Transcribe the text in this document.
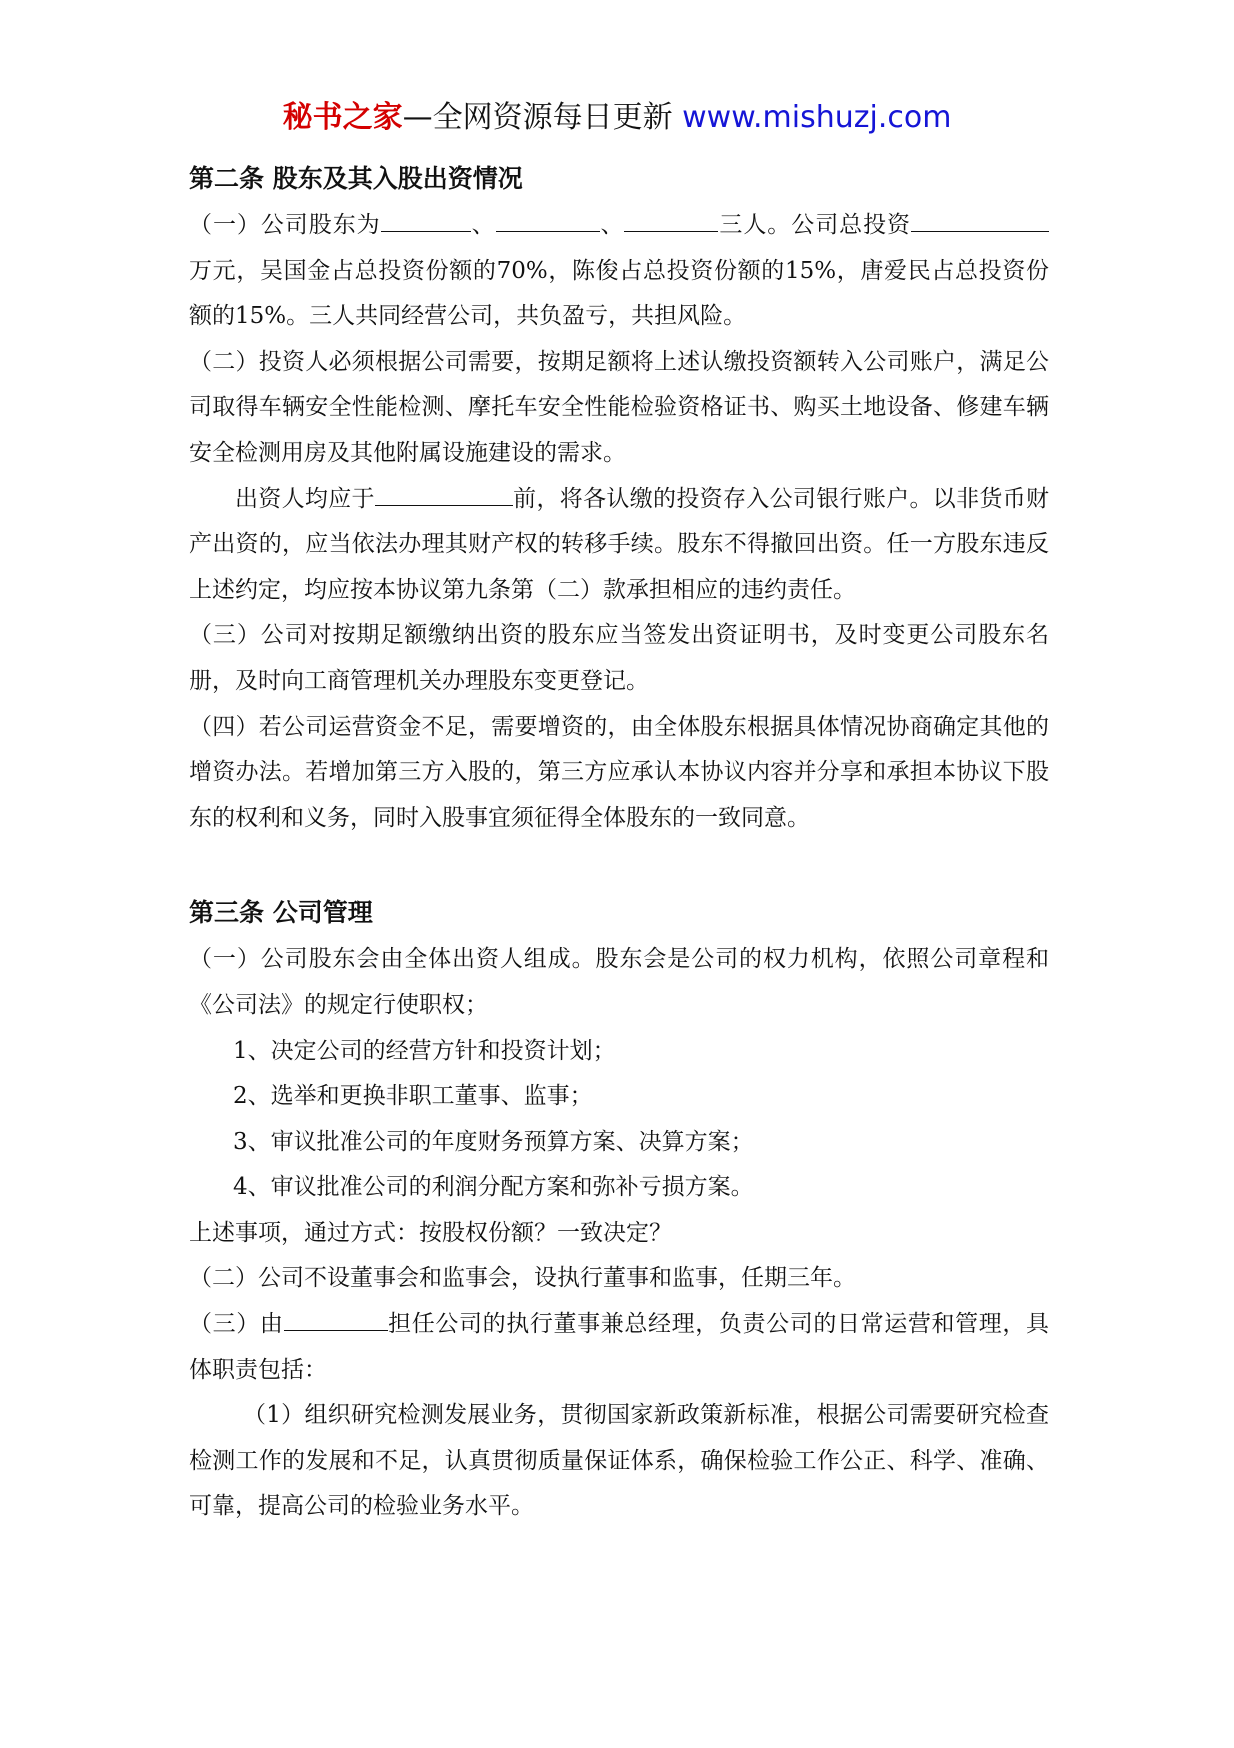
秘书之家—全网资源每日更新 www.mishuzj.com

第二条 股东及其入股出资情况

（一）公司股东为	、	、	三人。公司总投资万元，吴国金占总投资份额的70%，陈俊占总投资份额的15%，唐爱民占总投资份额的15%。三人共同经营公司，共负盈亏，共担风险。

（二）投资人必须根据公司需要，按期足额将上述认缴投资额转入公司账户，满足公司取得车辆安全性能检测、摩托车安全性能检验资格证书、购买土地设备、修建车辆安全检测用房及其他附属设施建设的需求。

出资人均应于	前，将各认缴的投资存入公司银行账户。以非货币财产出资的，应当依法办理其财产权的转移手续。股东不得撤回出资。任一方股东违反上述约定，均应按本协议第九条第（二）款承担相应的违约责任。

（三）公司对按期足额缴纳出资的股东应当签发出资证明书，及时变更公司股东名册，及时向工商管理机关办理股东变更登记。

（四）若公司运营资金不足，需要增资的，由全体股东根据具体情况协商确定其他的增资办法。若增加第三方入股的，第三方应承认本协议内容并分享和承担本协议下股东的权利和义务，同时入股事宜须征得全体股东的一致同意。

第三条 公司管理

（一）公司股东会由全体出资人组成。股东会是公司的权力机构，依照公司章程和《公司法》的规定行使职权；

1、决定公司的经营方针和投资计划；

2、选举和更换非职工董事、监事；

3、审议批准公司的年度财务预算方案、决算方案；

4、审议批准公司的利润分配方案和弥补亏损方案。

上述事项，通过方式：按股权份额？一致决定？

（二）公司不设董事会和监事会，设执行董事和监事，任期三年。

（三）由	担任公司的执行董事兼总经理，负责公司的日常运营和管理，具体职责包括：

（1）组织研究检测发展业务，贯彻国家新政策新标准，根据公司需要研究检查检测工作的发展和不足，认真贯彻质量保证体系，确保检验工作公正、科学、准确、可靠，提高公司的检验业务水平。
